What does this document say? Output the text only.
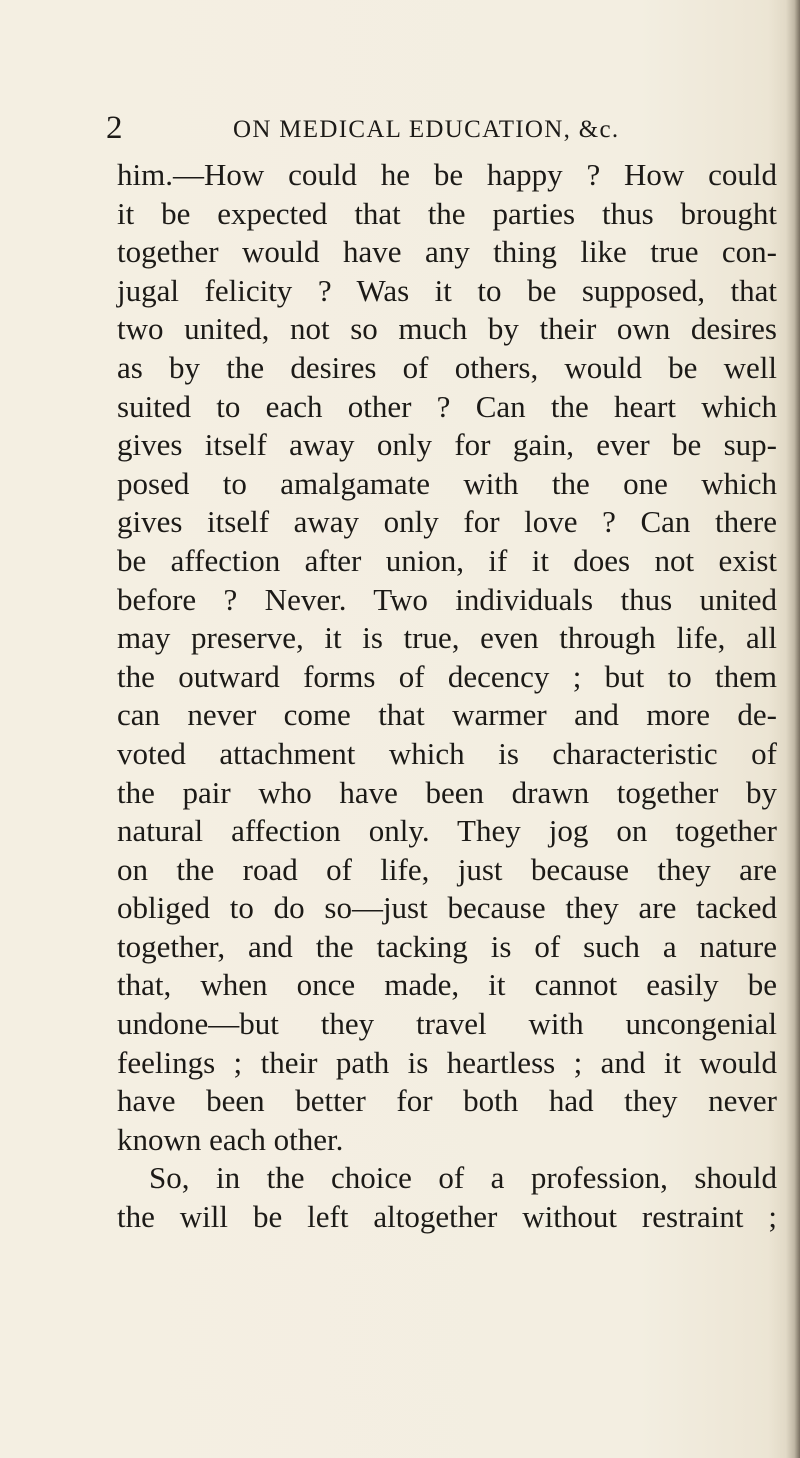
2	ON MEDICAL EDUCATION, &c.
him.—How could he be happy ? How could
it be expected that the parties thus brought
together would have any thing like true con-
jugal felicity ? Was it to be supposed, that
two united, not so much by their own desires
as by the desires of others, would be well
suited to each other ? Can the heart which
gives itself away only for gain, ever be sup-
posed to amalgamate with the one which
gives itself away only for love ? Can there
be affection after union, if it does not exist
before ? Never. Two individuals thus united
may preserve, it is true, even through life, all
the outward forms of decency ; but to them
can never come that warmer and more de-
voted attachment which is characteristic of
the pair who have been drawn together by
natural affection only. They jog on together
on the road of life, just because they are
obliged to do so—just because they are tacked
together, and the tacking is of such a nature
that, when once made, it cannot easily be
undone—but they travel with uncongenial
feelings ; their path is heartless ; and it would
have been better for both had they never
known each other.
So, in the choice of a profession, should
the will be left altogether without restraint ;
